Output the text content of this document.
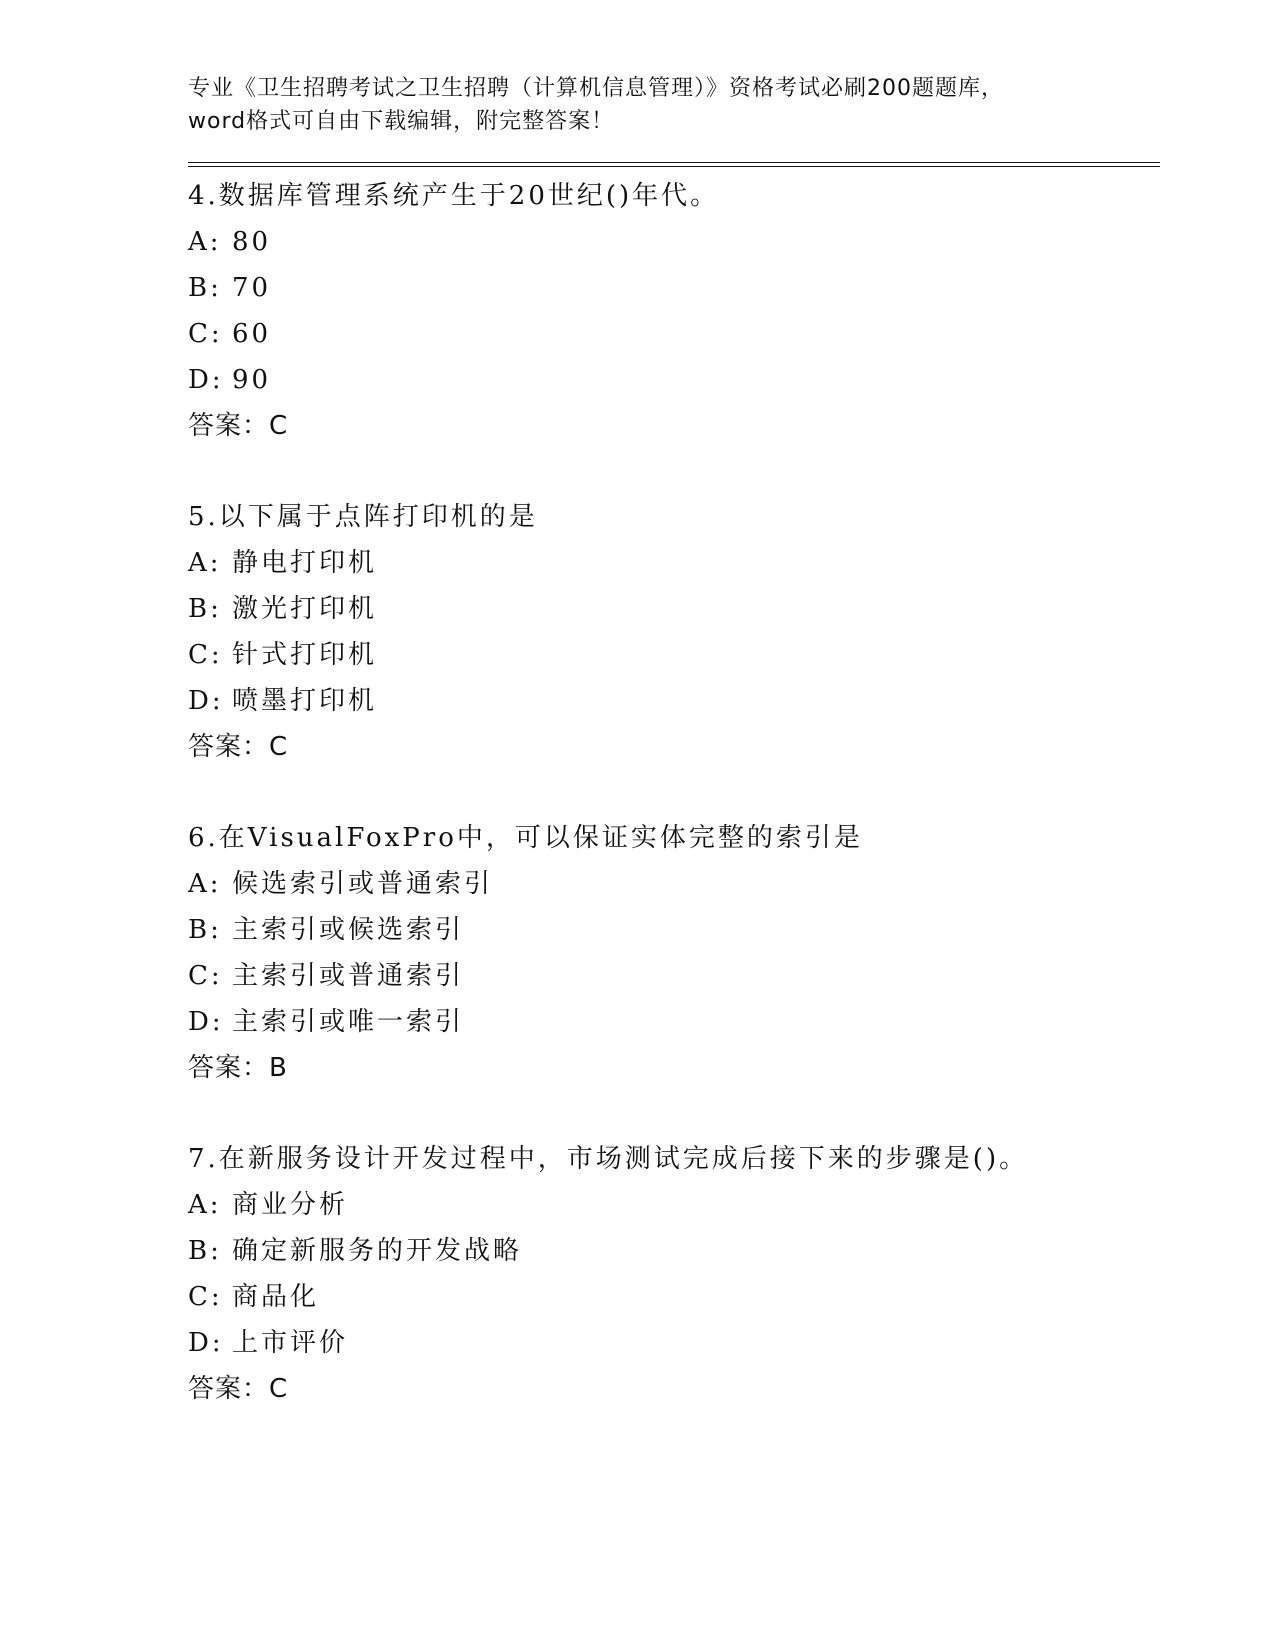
专业《卫生招聘考试之卫生招聘（计算机信息管理）》资格考试必刷200题题库，

word格式可自由下载编辑，附完整答案！

4.数据库管理系统产生于20世纪()年代。

A: 80

B: 70

C: 60

D: 90

答案：C

5.以下属于点阵打印机的是

A: 静电打印机

B: 激光打印机

C: 针式打印机

D: 喷墨打印机

答案：C

6.在VisualFoxPro中，可以保证实体完整的索引是

A: 候选索引或普通索引

B: 主索引或候选索引

C: 主索引或普通索引

D: 主索引或唯一索引

答案：B

7.在新服务设计开发过程中，市场测试完成后接下来的步骤是()。

A: 商业分析

B: 确定新服务的开发战略

C: 商品化

D: 上市评价

答案：C
